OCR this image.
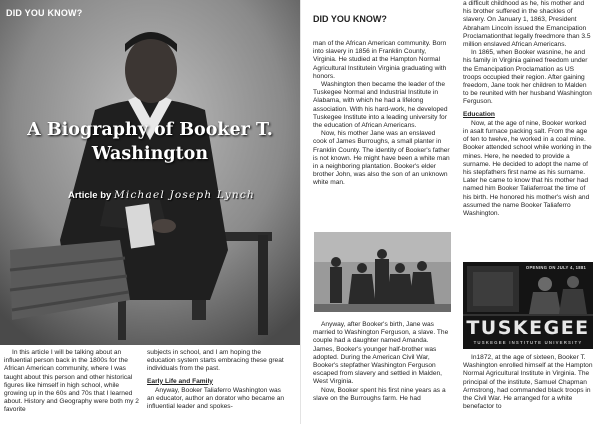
DID YOU KNOW?
A Biography of Booker T.
Washington
Article by Michael Joseph Lynch

In this article I will be talking about an influential person back in the 1800s for the African American community, where I was taught about this person and other historical figures like himself in high school, while growing up in the 60s and 70s that I learned about. History and Geography were both my 2 favorite

subjects in school, and I am hoping the education system starts embracing these great individuals from the past.

Early Life and Family

Anyway, Booker Taliaferro Washington was an educator, author an dorator who became an influential leader and spokes-

DID YOU KNOW?

man of the African American community. Born into slavery in 1856 in Franklin County, Virginia. He studied at the Hampton Normal Agricultural Institutein Virginia graduating with honors.

Washington then became the leader of the Tuskegee Normal and Industrial Institute in Alabama, with which he had a lifelong association. With his hard-work, he developed Tuskegee Institute into a leading university for the education of African Americans.

Now, his mother Jane was an enslaved cook of James Burroughs, a small planter in Franklin County. The identity of Booker's father is not known. He might have been a white man in a neighboring plantation. Booker's elder brother John, was also the son of an unknown white man.

Anyway, after Booker's birth, Jane was married to Washington Ferguson, a slave. The couple had a daughter named Amanda. James, Booker's younger half-brother was adopted. During the American Civil War, Booker's stepfather Washington Ferguson escaped from slavery and settled in Malden, West Virginia.

Now, Booker spent his first nine years as a slave on the Burroughs farm. He had

a difficult childhood as he, his mother and his brother suffered in the shackles of slavery. On January 1, 1863, President Abraham Lincoln issued the Emancipation Proclamationthat legally freedmore than 3.5 million enslaved African Americans.

In 1865, when Booker wasnine, he and his family in Virginia gained freedom under the Emancipation Proclamation as US troops occupied their region. After gaining freedom, Jane took her children to Malden to be reunited with her husband Washington Ferguson.

Education

Now, at the age of nine, Booker worked in asalt furnace packing salt. From the age of ten to twelve, he worked in a coal mine. Booker attended school while working in the mines. Here, he needed to provide a surname. He decided to adopt the name of his stepfathers first name as his surname. Later he came to know that his mother had named him Booker Taliaferroat the time of his birth. He honored his mother's wish and assumed the name Booker Taliaferro Washington.

OPENING ON JULY 4, 1881
TUSKEGEE
TUSKEGEE INSTITUTE UNIVERSITY

In1872, at the age of sixteen, Booker T. Washington enrolled himself at the Hampton Normal Agricultural Institute in Virginia. The principal of the institute, Samuel Chapman Armstrong, had commanded black troops in the Civil War. He arranged for a white benefactor to
